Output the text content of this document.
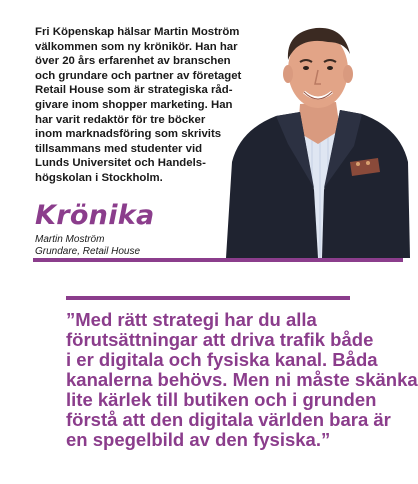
Fri Köpenskap hälsar Martin Moström
välkommen som ny krönikör. Han har
över 20 års erfarenhet av branschen
och grundare och partner av företaget
Retail House som är strategiska råd-
givare inom shopper marketing. Han
har varit redaktör för tre böcker
inom marknadsföring som skrivits
tillsammans med studenter vid
Lunds Universitet och Handels-
högskolan i Stockholm.
Krönika
Martin Moström
Grundare, Retail House
”Med rätt strategi har du alla
förutsättningar att driva trafik både
i er digitala och fysiska kanal. Båda
kanalerna behövs. Men ni måste skänka
lite kärlek till butiken och i grunden
förstå att den digitala världen bara är
en spegelbild av den fysiska.”
